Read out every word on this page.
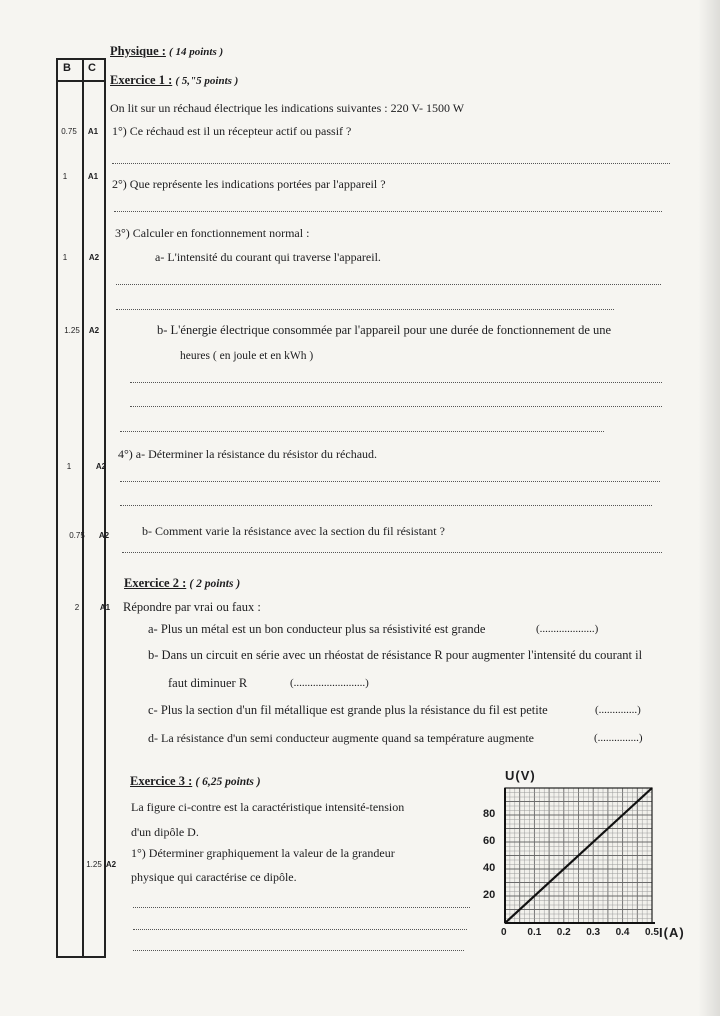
B C
0.75	A1
1	A1
1	A2
1.25	A2
1	A2
0.75	A2
2	A1
1.25 A2
Physique : ( 14 points )
Exercice 1 : ( 5,"5 points )
On lit sur un réchaud électrique les indications suivantes : 220 V- 1500 W
1°) Ce réchaud est il un récepteur actif ou passif ?
2°) Que représente les indications portées par l'appareil ?
3°) Calculer en fonctionnement normal :
a- L'intensité du courant qui traverse l'appareil.
b- L'énergie électrique consommée par l'appareil pour une durée de fonctionnement de une
heures ( en joule et en kWh )
4°) a- Déterminer la résistance du résistor du réchaud.
b- Comment varie la résistance avec la section du fil résistant ?
Exercice 2 : ( 2 points )
Répondre par vrai ou faux :
a- Plus un métal est un bon conducteur plus sa résistivité est grande	(....................)
b- Dans un circuit en série avec un rhéostat de résistance R pour augmenter l'intensité du courant il
faut diminuer R	(..........................)
c- Plus la section d'un fil métallique est grande plus la résistance du fil est petite	(..............)
d- La résistance d'un semi conducteur augmente quand sa température augmente	(...............)
Exercice 3 : ( 6,25 points )
La figure ci-contre est la caractéristique intensité-tension
d'un dipôle D.
1°) Déterminer graphiquement la valeur de la grandeur
physique qui caractérise ce dipôle.
U(V)
I(A)
0 0.1 0.2 0.3 0.4 0.5
20
40
60
80
